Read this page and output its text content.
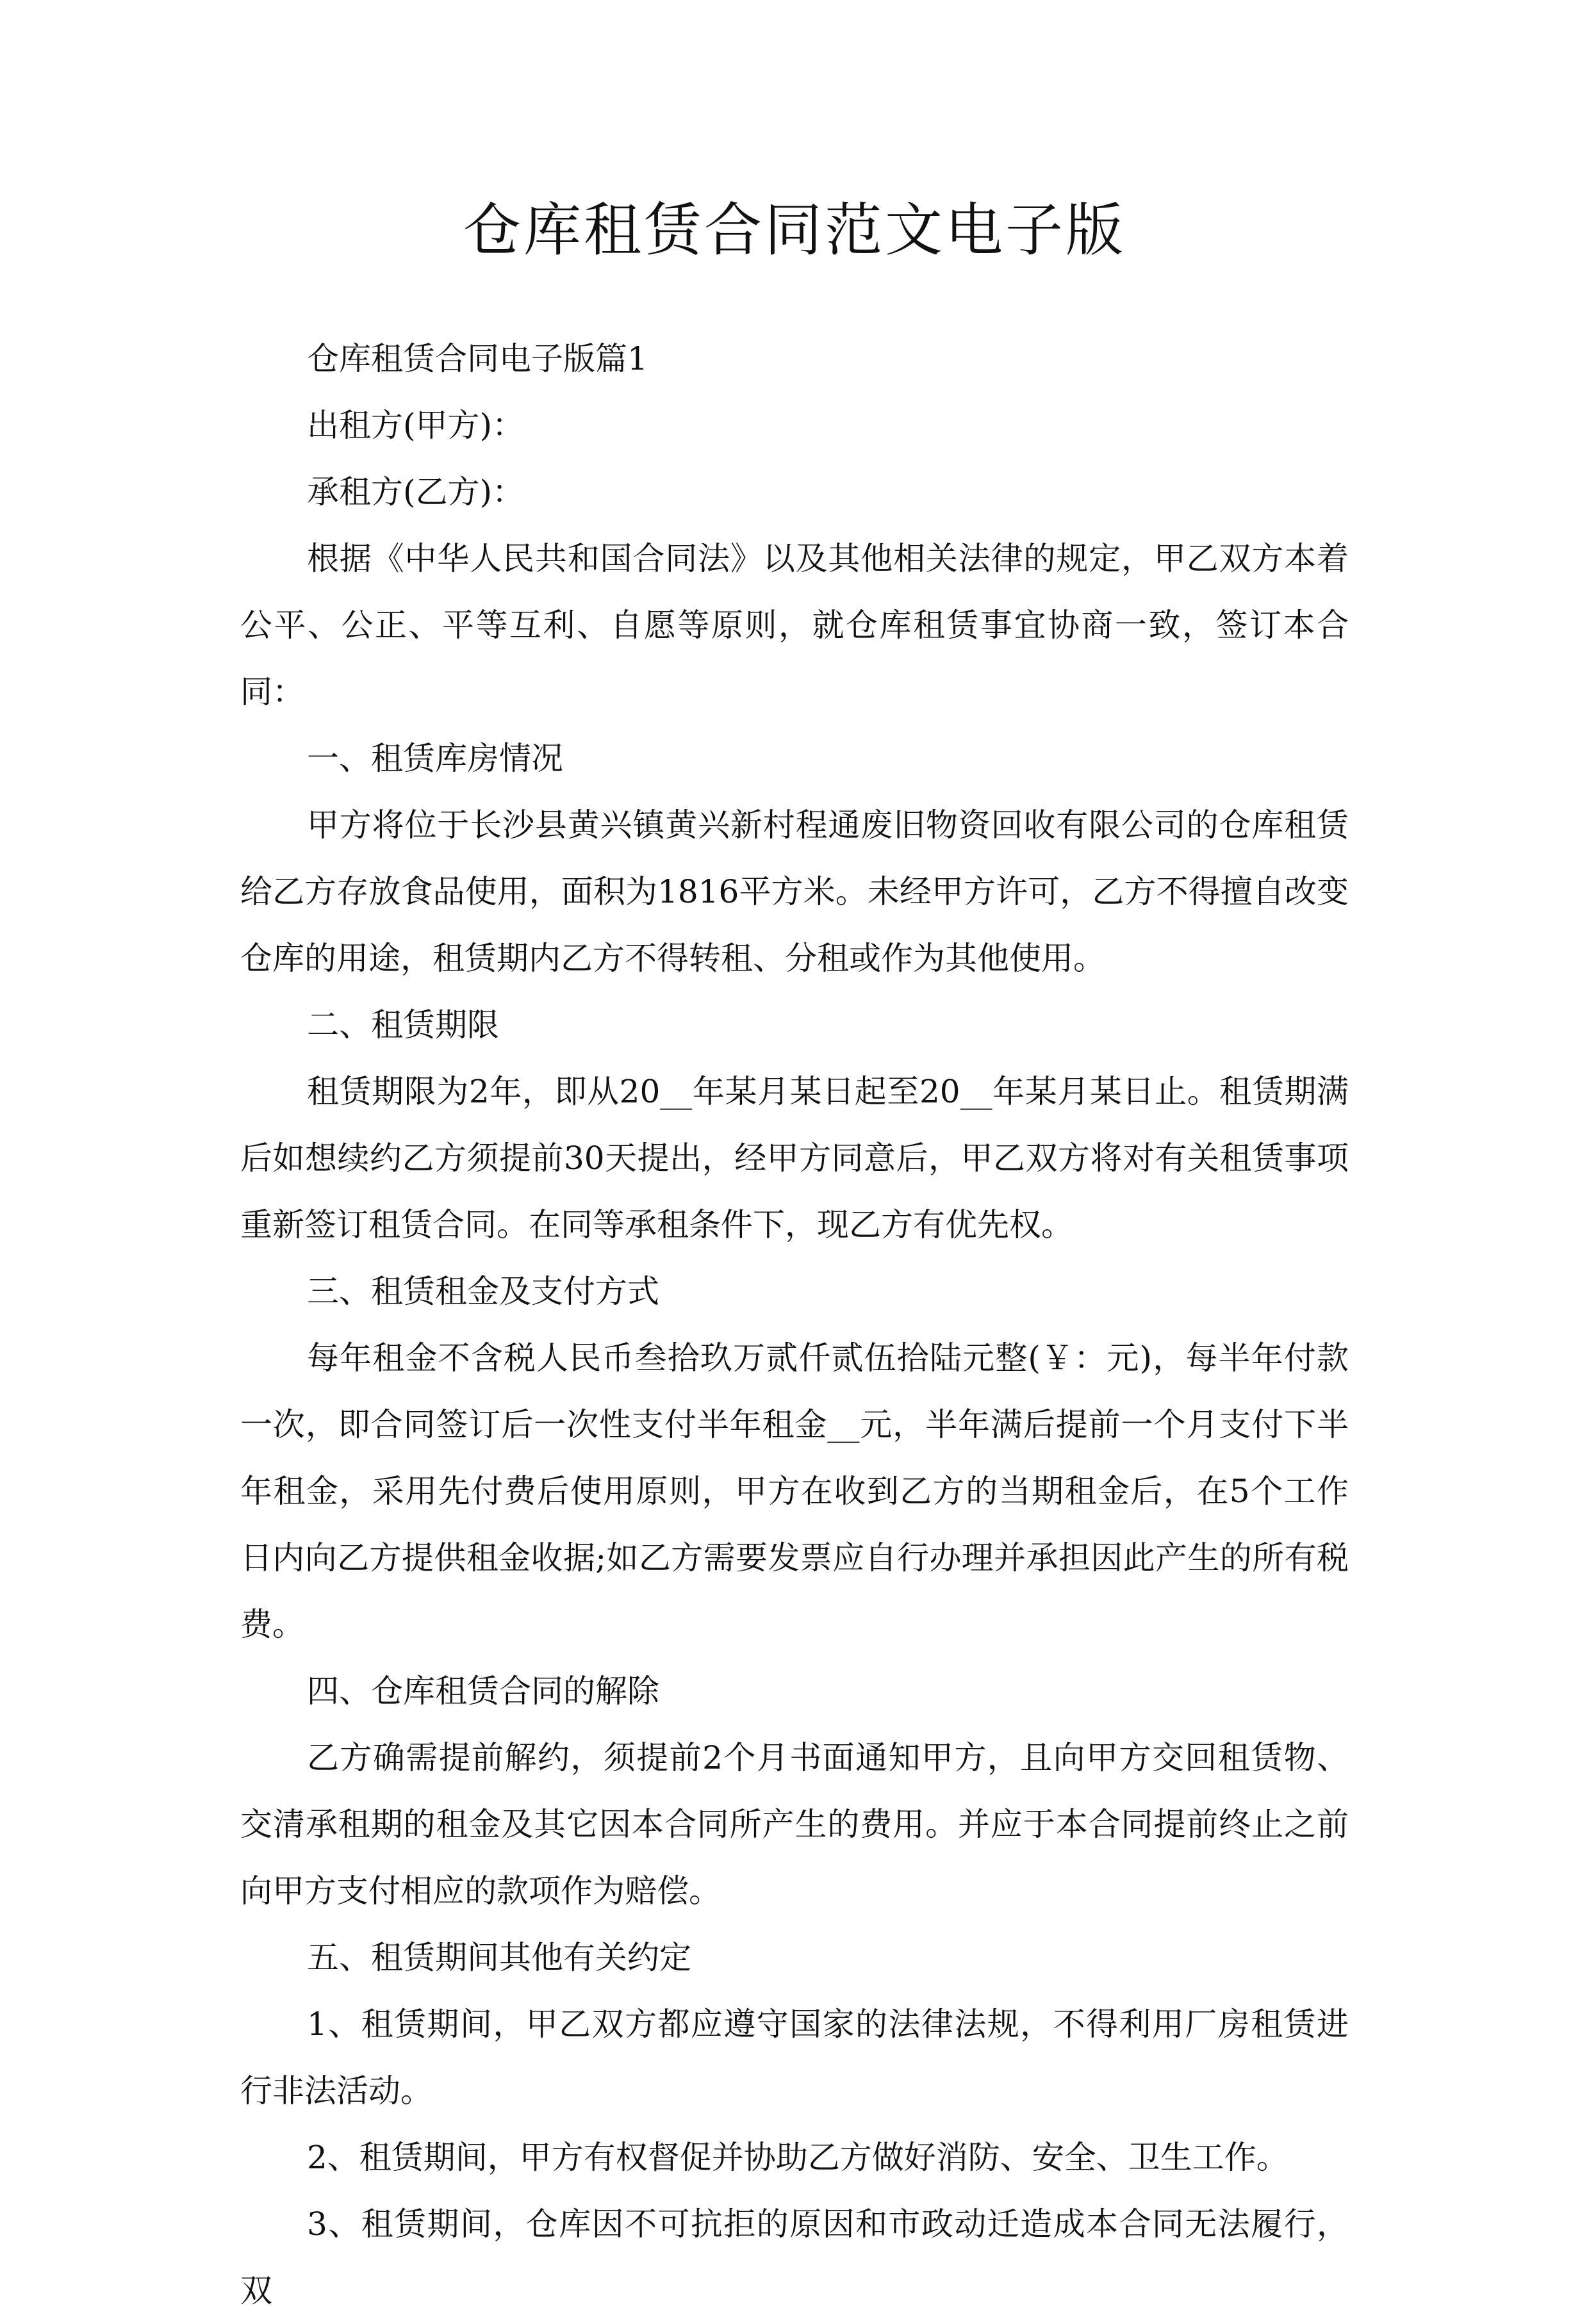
仓库租赁合同范文电子版

仓库租赁合同电子版篇1

出租方(甲方)：

承租方(乙方)：

根据《中华人民共和国合同法》以及其他相关法律的规定，甲乙双方本着公平、公正、平等互利、自愿等原则，就仓库租赁事宜协商一致，签订本合同：

一、租赁库房情况

甲方将位于长沙县黄兴镇黄兴新村程通废旧物资回收有限公司的仓库租赁给乙方存放食品使用，面积为1816平方米。未经甲方许可，乙方不得擅自改变仓库的用途，租赁期内乙方不得转租、分租或作为其他使用。

二、租赁期限

租赁期限为2年，即从20__年某月某日起至20__年某月某日止。租赁期满后如想续约乙方须提前30天提出，经甲方同意后，甲乙双方将对有关租赁事项重新签订租赁合同。在同等承租条件下，现乙方有优先权。

三、租赁租金及支付方式

每年租金不含税人民币叁拾玖万贰仟贰伍拾陆元整(￥：元)，每半年付款一次，即合同签订后一次性支付半年租金__元，半年满后提前一个月支付下半年租金，采用先付费后使用原则，甲方在收到乙方的当期租金后，在5个工作日内向乙方提供租金收据;如乙方需要发票应自行办理并承担因此产生的所有税费。

四、仓库租赁合同的解除

乙方确需提前解约，须提前2个月书面通知甲方，且向甲方交回租赁物、交清承租期的租金及其它因本合同所产生的费用。并应于本合同提前终止之前向甲方支付相应的款项作为赔偿。

五、租赁期间其他有关约定

1、租赁期间，甲乙双方都应遵守国家的法律法规，不得利用厂房租赁进行非法活动。

2、租赁期间，甲方有权督促并协助乙方做好消防、安全、卫生工作。

3、租赁期间，仓库因不可抗拒的原因和市政动迁造成本合同无法履行，双
